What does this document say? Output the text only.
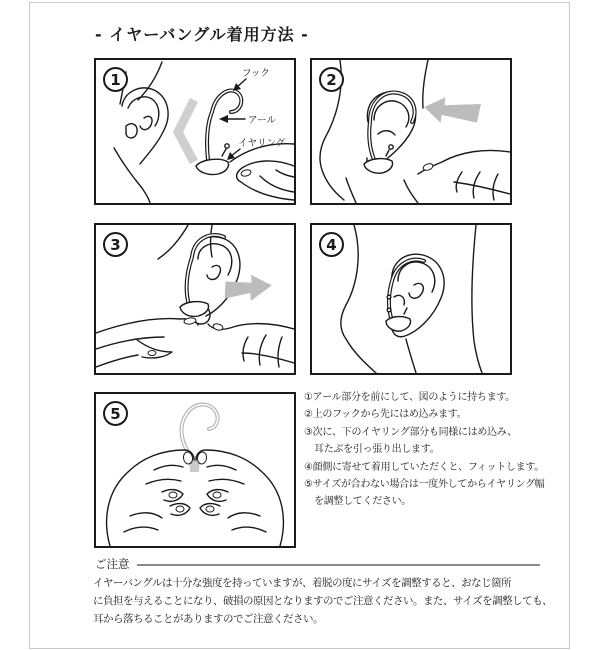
- イヤーバングル着用方法 -
1	フック
アール
イヤリング
2
3	4
5
①アール部分を前にして、図のように持ちます。
②上のフックから先にはめ込みます。
③次に、下のイヤリング部分も同様にはめ込み、
耳たぶを引っ張り出します。
④顔側に寄せて着用していただくと、フィットします。
⑤サイズが合わない場合は一度外してからイヤリング幅
を調整してください。
ご注意
イヤーバングルは十分な強度を持っていますが、着脱の度にサイズを調整すると、おなじ箇所
に負担を与えることになり、破損の原因となりますのでご注意ください。また、サイズを調整しても、
耳から落ちることがありますのでご注意ください。
